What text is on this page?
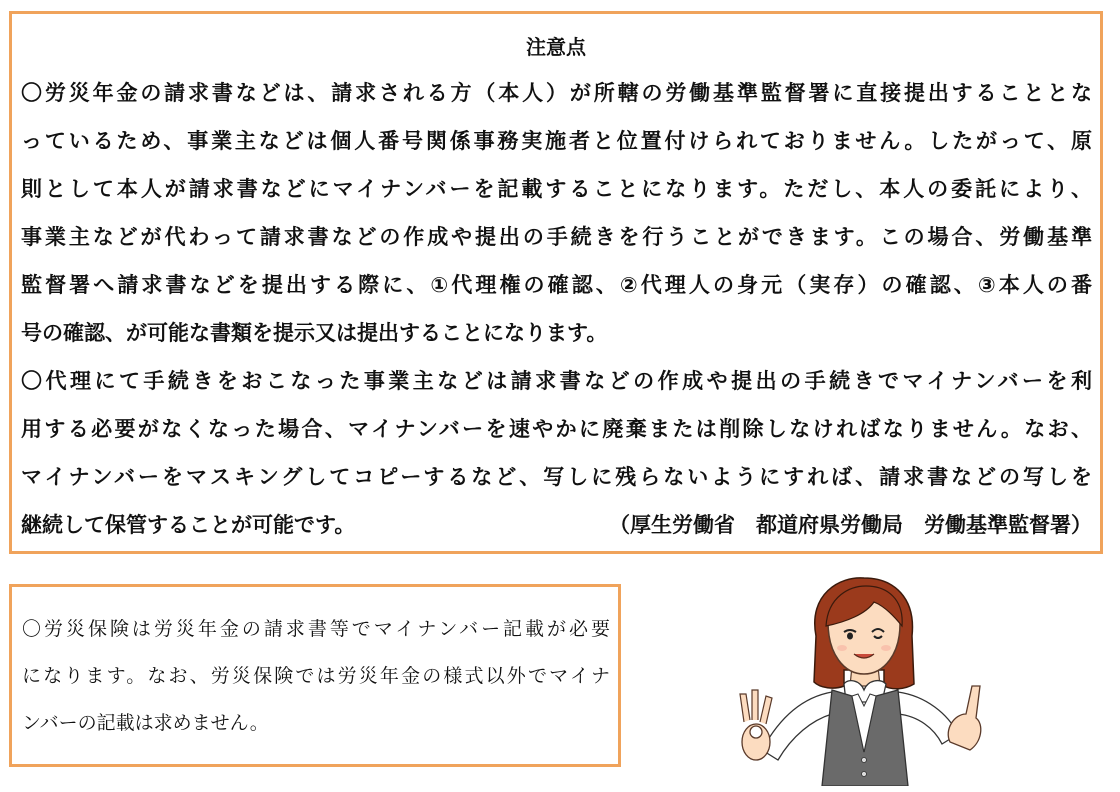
注意点
〇労災年金の請求書などは、請求される方（本人）が所轄の労働基準監督署に直接提出することとな
っているため、事業主などは個人番号関係事務実施者と位置付けられておりません。したがって、原
則として本人が請求書などにマイナンバーを記載することになります。ただし、本人の委託により、
事業主などが代わって請求書などの作成や提出の手続きを行うことができます。この場合、労働基準
監督署へ請求書などを提出する際に、①代理権の確認、②代理人の身元（実存）の確認、③本人の番
号の確認、が可能な書類を提示又は提出することになります。
〇代理にて手続きをおこなった事業主などは請求書などの作成や提出の手続きでマイナンバーを利
用する必要がなくなった場合、マイナンバーを速やかに廃棄または削除しなければなりません。なお、
マイナンバーをマスキングしてコピーするなど、写しに残らないようにすれば、請求書などの写しを
継続して保管することが可能です。	（厚生労働省　都道府県労働局　労働基準監督署）
〇労災保険は労災年金の請求書等でマイナンバー記載が必要
になります。なお、労災保険では労災年金の様式以外でマイナ
ンバーの記載は求めません。
